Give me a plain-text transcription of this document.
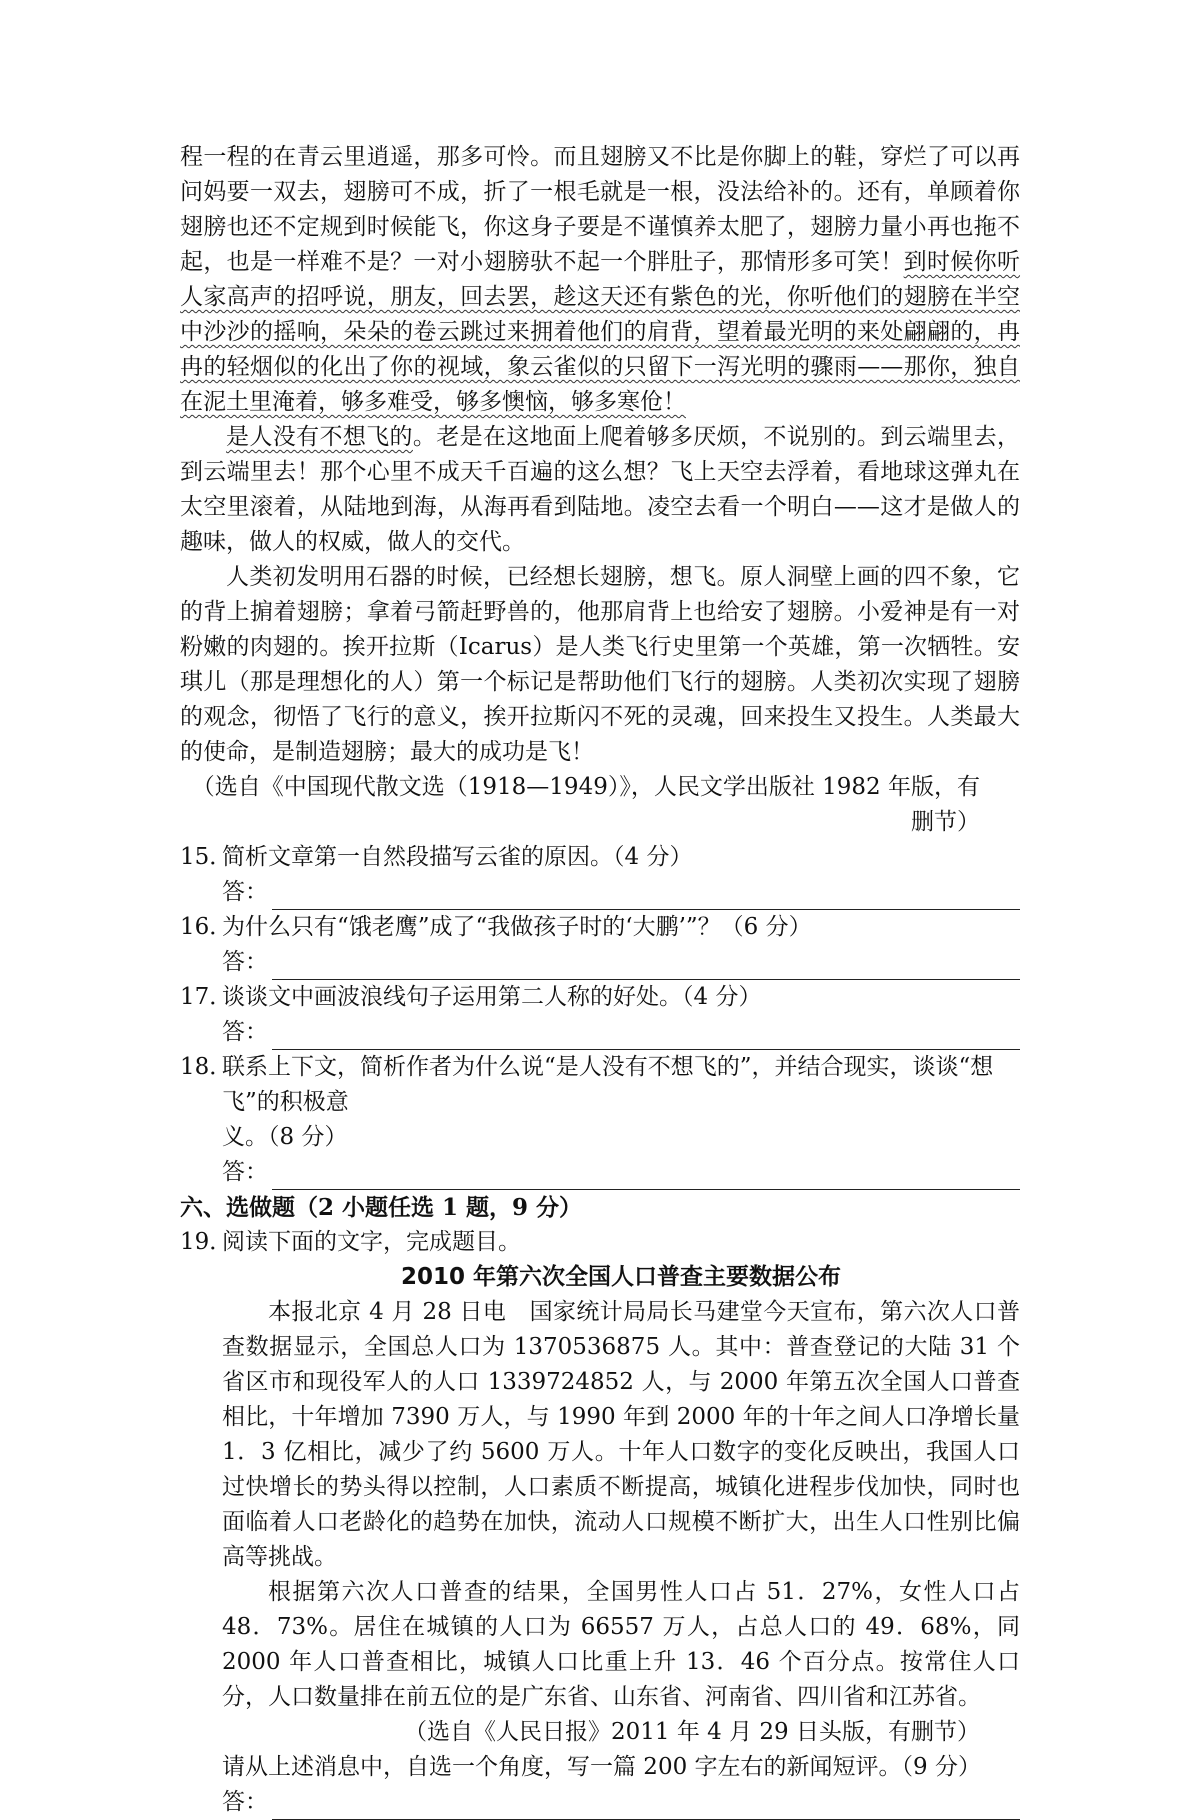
程一程的在青云里逍遥，那多可怜。而且翅膀又不比是你脚上的鞋，穿烂了可以再问妈要一双去，翅膀可不成，折了一根毛就是一根，没法给补的。还有，单顾着你翅膀也还不定规到时候能飞，你这身子要是不谨慎养太肥了，翅膀力量小再也拖不起，也是一样难不是？一对小翅膀驮不起一个胖肚子，那情形多可笑！到时候你听人家高声的招呼说，朋友，回去罢，趁这天还有紫色的光，你听他们的翅膀在半空中沙沙的摇响，朵朵的卷云跳过来拥着他们的肩背，望着最光明的来处翩翩的，冉冉的轻烟似的化出了你的视域，象云雀似的只留下一泻光明的骤雨——那你，独自在泥土里淹着，够多难受，够多懊恼，够多寒伧！

是人没有不想飞的。老是在这地面上爬着够多厌烦，不说别的。到云端里去，到云端里去！那个心里不成天千百遍的这么想？飞上天空去浮着，看地球这弹丸在太空里滚着，从陆地到海，从海再看到陆地。凌空去看一个明白——这才是做人的趣味，做人的权威，做人的交代。

人类初发明用石器的时候，已经想长翅膀，想飞。原人洞壁上画的四不象，它的背上掮着翅膀；拿着弓箭赶野兽的，他那肩背上也给安了翅膀。小爱神是有一对粉嫩的肉翅的。挨开拉斯（Icarus）是人类飞行史里第一个英雄，第一次牺牲。安琪儿（那是理想化的人）第一个标记是帮助他们飞行的翅膀。人类初次实现了翅膀的观念，彻悟了飞行的意义，挨开拉斯闪不死的灵魂，回来投生又投生。人类最大的使命，是制造翅膀；最大的成功是飞！

（选自《中国现代散文选（1918—1949）》，人民文学出版社 1982 年版，有删节）

15．
简析文章第一自然段描写云雀的原因。（4 分）
答：
16．
为什么只有“饿老鹰”成了“我做孩子时的‘大鹏’”？（6 分）
答：
17．
谈谈文中画波浪线句子运用第二人称的好处。（4 分）
答：
18．
联系上下文，简析作者为什么说“是人没有不想飞的”，并结合现实，谈谈“想飞”的积极意
义。（8 分）
答：
六、选做题（2 小题任选 1 题，9 分）
19．
阅读下面的文字，完成题目。
2010 年第六次全国人口普查主要数据公布

本报北京 4 月 28 日电　国家统计局局长马建堂今天宣布，第六次人口普查数据显示，全国总人口为 1370536875 人。其中：普查登记的大陆 31 个省区市和现役军人的人口 1339724852 人，与 2000 年第五次全国人口普查相比，十年增加 7390 万人，与 1990 年到 2000 年的十年之间人口净增长量 1．3 亿相比，减少了约 5600 万人。十年人口数字的变化反映出，我国人口过快增长的势头得以控制，人口素质不断提高，城镇化进程步伐加快，同时也面临着人口老龄化的趋势在加快，流动人口规模不断扩大，出生人口性别比偏高等挑战。

根据第六次人口普查的结果，全国男性人口占 51．27%，女性人口占 48．73%。居住在城镇的人口为 66557 万人，占总人口的 49．68%，同 2000 年人口普查相比，城镇人口比重上升 13．46 个百分点。按常住人口分，人口数量排在前五位的是广东省、山东省、河南省、四川省和江苏省。

（选自《人民日报》2011 年 4 月 29 日头版，有删节）

请从上述消息中，自选一个角度，写一篇 200 字左右的新闻短评。（9 分）
答：
